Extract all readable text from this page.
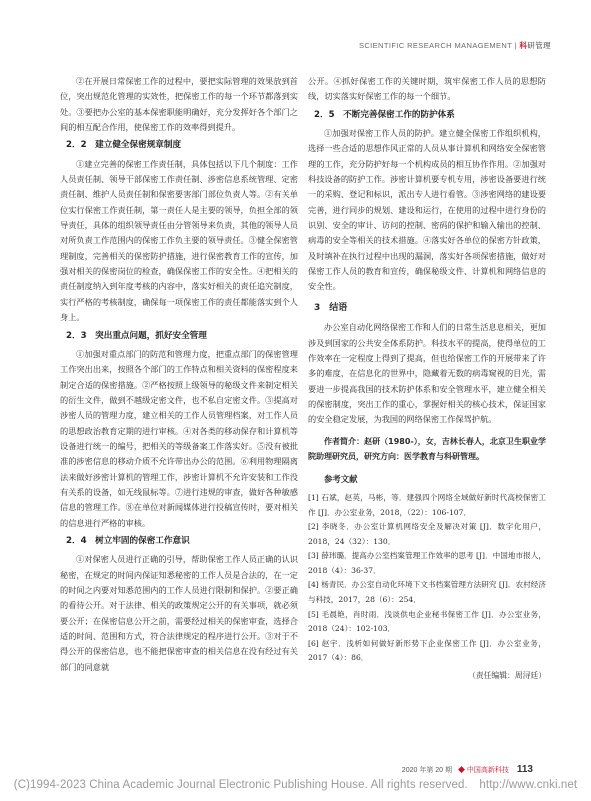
SCIENTIFIC RESEARCH MANAGEMENT | 科研管理

②在开展日常保密工作的过程中，要把实际管理的效果放到首位，突出规范化管理的实效性，把保密工作的每一个环节都落到实处。③要把办公室的基本保密职能明确好，充分发挥好各个部门之间的相互配合作用，使保密工作的效率得到提升。

2．2　建立健全保密规章制度

①建立完善的保密工作责任制，具体包括以下几个制度：工作人员责任制、领导干部保密工作责任制、涉密信息系统管理、定密责任制、维护人员责任制和保密要害部门部位负责人等。②有关单位实行保密工作责任制，第一责任人是主要的领导，负担全部的领导责任，具体的组织领导责任由分管领导来负责，其他的领导人员对所负责工作范围内的保密工作负主要的领导责任。③健全保密管理制度，完善相关的保密防护措施，进行保密教育工作的宣传，加强对相关的保密岗位的检查，确保保密工作的安全性。④把相关的责任制度纳入到年度考核的内容中，落实好相关的责任追究制度，实行严格的考核制度，确保每一项保密工作的责任都能落实到个人身上。

2．3　突出重点问题，抓好安全管理

①加强对重点部门的防范和管理力度，把重点部门的保密管理工作突出出来，按照各个部门的工作特点和相关资料的保密程度来制定合适的保密措施。②严格按照上级领导的秘级文件来制定相关的衍生文件，做到不越级定密文件，也不私自定密文件。③提高对涉密人员的管理力度，建立相关的工作人员管理档案，对工作人员的思想政治教育定期的进行审核。④对各类的移动保存和计算机等设备进行统一的编号，把相关的等级备案工作落实好。⑤没有被批准的涉密信息的移动介质不允许带出办公的范围。⑥利用物理隔离法来做好涉密计算机的管理工作，涉密计算机不允许安装和工作没有关系的设备，如无线鼠标等。⑦进行违规的审查，做好各种敏感信息的管理工作。⑧在单位对新闻媒体进行投稿宣传时，要对相关的信息进行严格的审核。

2．4　树立牢固的保密工作意识

①对保密人员进行正确的引导，帮助保密工作人员正确的认识秘密，在规定的时间内保证知悉秘密的工作人员是合法的，在一定的时间之内要对知悉范围内的工作人员进行限制和保护。②要正确的看待公开。对于法律、相关的政策规定公开的有关事项，就必须要公开；在保密信息公开之前，需要经过相关的保密审查，选择合适的时间、范围和方式，符合法律规定的程序进行公开。③对于不得公开的保密信息，也不能把保密审查的相关信息在没有经过有关部门的同意就

公开。④抓好保密工作的关键时期，筑牢保密工作人员的思想防线，切实落实好保密工作的每一个细节。

2．5　不断完善保密工作的防护体系

①加强对保密工作人员的防护。建立健全保密工作组织机构，选择一些合适的思想作风正常的人员从事计算机和网络安全保密管理的工作，充分防护好每一个机构成员的相互协作作用。②加强对科技设备的防护工作。涉密计算机要专机专用，涉密设备要进行统一的采购、登记和标识，派出专人进行看管。③涉密网络的建设要完善，进行同步的规划、建设和运行，在使用的过程中进行身份的识别、安全的审计、访问的控制、密码的保护和输入输出的控制、病毒的安全等相关的技术措施。④落实好各单位的保密方针政策，及时填补在执行过程中出现的漏洞，落实好各项保密措施，做好对保密工作人员的教育和宣传，确保秘级文件、计算机和网络信息的安全性。

3　结语

办公室自动化网络保密工作和人们的日常生活息息相关，更加涉及到国家的公共安全体系防护。科技水平的提高，使得单位的工作效率在一定程度上得到了提高，但也给保密工作的开展带来了许多的难度，在信息化的世界中，隐藏着无数的病毒窥视的目光，需要进一步提高我国的技术防护体系和安全管理水平，建立健全相关的保密制度，突出工作的重心，掌握好相关的核心技术，保证国家的安全稳定发展，为我国的网络保密工作保驾护航。

作者简介：赵研（1980-），女，吉林长春人，北京卫生职业学院助理研究员，研究方向：医学教育与科研管理。

参考文献

[1] 石斌，赵英，马彬，等．建强四个网络全域做好新时代高校保密工作 [J]．办公室业务，2018，（22）：106-107．

[2] 李晓冬．办公室计算机网络安全及解决对策 [J]．数字化用户，2018，24（32）：130．

[3] 薛玮璐．提高办公室档案管理工作效率的思考 [J]．中国地市报人，2018（4）：36-37．

[4] 杨青民．办公室自动化环境下文书档案管理方法研究 [J]．农村经济与科技，2017，28（6）：254．

[5] 毛晨艳，肖时雨．浅谈供电企业秘书保密工作 [J]．办公室业务，2018（24）：102-103．

[6] 赵宇．浅析如何做好新形势下企业保密工作 [J]．办公室业务，2017（4）：86．

（责任编辑：周浔廷）
2020 年第 20 期 ◆ 中国高新科技 113
(C)1994-2023 China Academic Journal Electronic Publishing House. All rights reserved.　http://www.cnki.net
